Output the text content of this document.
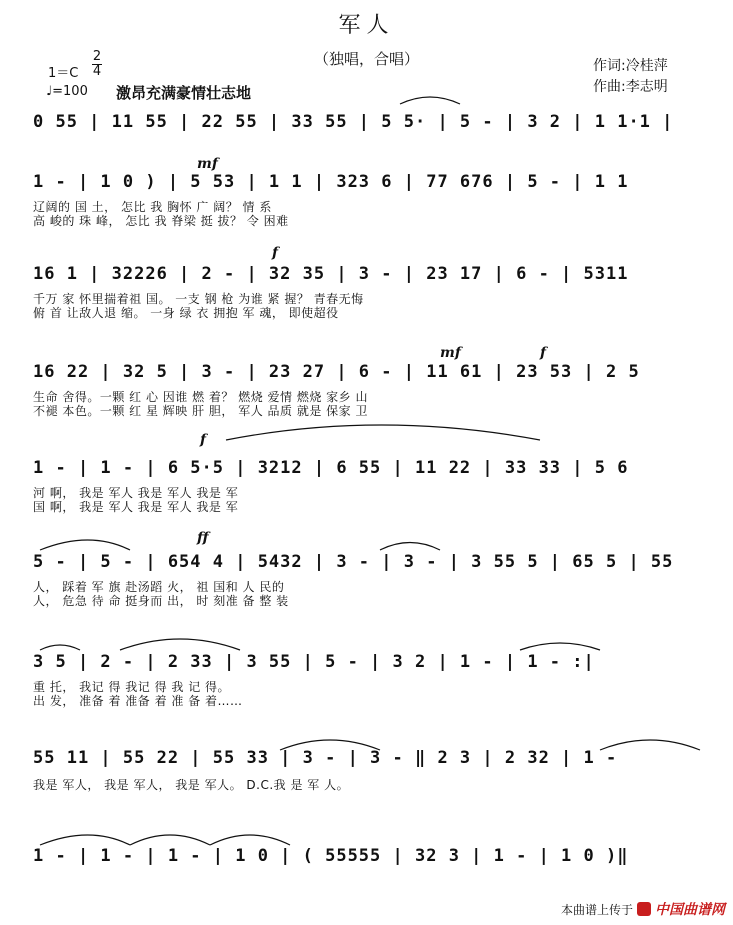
军人
（独唱，合唱）
1＝C
2
4
♩ =100 激昂充满豪情壮志地
作词:冷桂萍
作曲:李志明
mf
f
mf	f
f
ff
0 55 | 11 55 | 22 55 | 33 55 | 5 5· | 5 - | 3 2 | 1 1·1 |
1 - | 1 0 ) | 5 53 | 1 1 | 323 6 | 77 676 | 5 - | 1 1
辽阔的 国 土， 怎比 我 胸怀 广 阔？ 情 系
高 峻的 珠 峰， 怎比 我 脊梁 挺 拔？ 令 困难
16 1 | 32226 | 2 - | 32 35 | 3 - | 23 17 | 6 - | 5311
千万 家 怀里揣着祖 国。 一支 钢 枪 为谁 紧 握？ 青春无悔
俯 首 让敌人退 缩。 一身 绿 衣 拥抱 军 魂， 即使超役
16 22 | 32 5 | 3 - | 23 27 | 6 - | 11 61 | 23 53 | 2 5
生命 舍得。一颗 红 心 因谁 燃 着？ 燃烧 爱情 燃烧 家乡 山
不褪 本色。一颗 红 星 辉映 肝 胆， 军人 品质 就是 保家 卫
1 - | 1 - | 6 5·5 | 3212 | 6 55 | 11 22 | 33 33 | 5 6
河 啊， 我是 军人 我是 军人 我是 军
国 啊， 我是 军人 我是 军人 我是 军
5 - | 5 - | 654 4 | 5432 | 3 - | 3 - | 3 55 5 | 65 5 | 55
人， 踩着 军 旗 赴汤蹈 火， 祖 国和 人 民的
人， 危急 待 命 挺身而 出， 时 刻准 备 整 装
3 5 | 2 - | 2 33 | 3 55 | 5 - | 3 2 | 1 - | 1 - :|
重 托， 我记 得 我记 得 我 记 得。
出 发， 准备 着 准备 着 准 备 着……
55 11 | 55 22 | 55 33 | 3 - | 3 - ‖ 2 3 | 2 32 | 1 -
我是 军人， 我是 军人， 我是 军人。 D.C.我 是 军 人。
1 - | 1 - | 1 - | 1 0 | ( 55555 | 32 3 | 1 - | 1 0 )‖
本曲谱上传于 中国曲谱网
